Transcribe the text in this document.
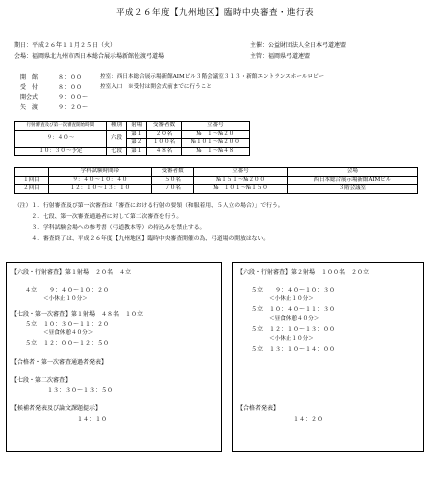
平成２６年度【九州地区】臨時中央審査・進行表
期日：平成２６年１１月２５日（火）	主催：公益財団法人全日本弓道連盟
会場：福岡県北九州市西日本総合展示場新館佐渡弓道場	主管：福岡県弓道連盟
開　館	８：００	控室：西日本総合展示場新館AIMビル３階会議室３１３・新館エントランスホールロビー
受　付	８：００	控室入口　※受付は開会式前までに行うこと
開会式	９：００～
矢　渡	９：２０～
行射審査及び第一次審査開始時間	種別	射場	受審者数	立番号
９：４０～	六段	第１	２０名	№　１～№２０
		第２	１００名	№１０１～№２００
１０：３０～予定	七段	第１	４８名	№　１～№４８
	学科試験時間帯	受審者数	立番号	会場
１回目	９：４０～１０：４０	５０名	№１５１～№２００	西日本総合展示場新館AIMビル
２回目	１２：１０～１３：１０	７０名	№　１０１～№１５０	３階会議室
（注）１．行射審査及び第一次審査は「審査における行射の要領（和服着用、５人立の場合）」で行う。
　　　２．七段、第一次審査通過者に対して第二次審査を行う。
　　　３．学科試験会場への参考書（弓道教本等）の持込みを禁止する。
　　　４．審査終了は、平成２６年度【九州地区】臨時中央審査開催の為、弓道場の開放はない。
【六段・行射審査】第１射場　２０名　４立
４立　　９：４０～１０：２０
＜小休止１０分＞
【七段・第一次審査】第１射場　４８名　１０立
５立　１０：３０～１１：２０
＜昼食休憩４０分＞
５立　１２：００～１２：５０
【合格者・第一次審査通過者発表】
【七段・第二次審査】
１３：３０～１３：５０
【候補者発表及び論文課題提示】
１４：１０
【六段・行射審査】第２射場　１００名　２０立
５立　　９：４０～１０：３０
＜小休止１０分＞
５立　１０：４０～１１：３０
＜昼食休憩４０分＞
５立　１２：１０～１３：００
＜小休止１０分＞
５立　１３：１０～１４：００
【合格者発表】
１４：２０
